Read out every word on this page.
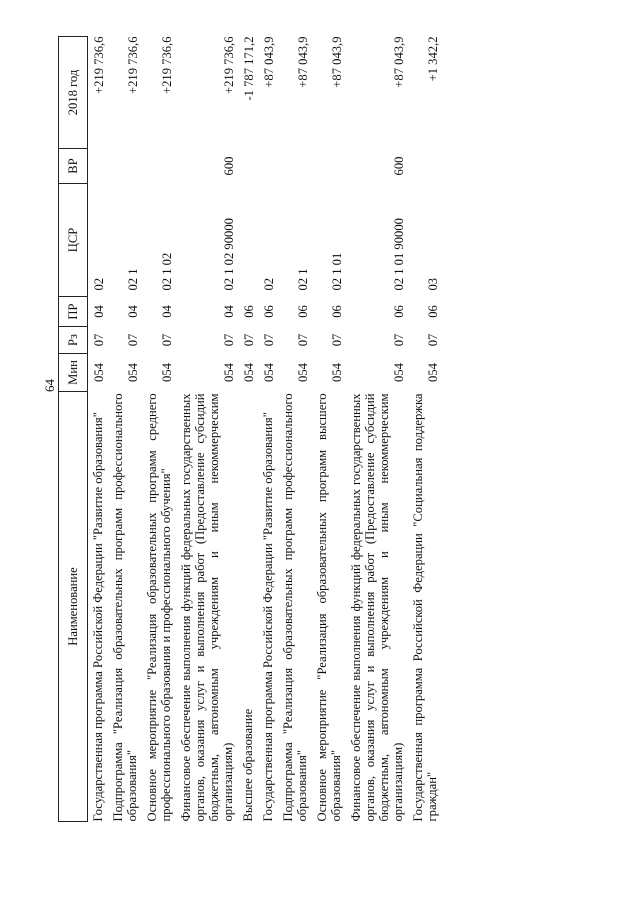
64
Наименование	Мин	Рз	ПР	ЦСР	ВР	2018 год
Государственная программа Российской Федерации "Развитие образования"	054	07	04	02		+219 736,6
Подпрограмма "Реализация образовательных программ профессионального образования"	054	07	04	02 1		+219 736,6
Основное мероприятие "Реализация образовательных программ среднего профессионального образования и профессионального обучения"	054	07	04	02 1 02		+219 736,6
Финансовое обеспечение выполнения функций федеральных государственных органов, оказания услуг и выполнения работ (Предоставление субсидий бюджетным, автономным учреждениям и иным некоммерческим организациям)	054	07	04	02 1 02 90000	600	+219 736,6
Высшее образование	054	07	06			-1 787 171,2
Государственная программа Российской Федерации "Развитие образования"	054	07	06	02		+87 043,9
Подпрограмма "Реализация образовательных программ профессионального образования"	054	07	06	02 1		+87 043,9
Основное мероприятие "Реализация образовательных программ высшего образования"	054	07	06	02 1 01		+87 043,9
Финансовое обеспечение выполнения функций федеральных государственных органов, оказания услуг и выполнения работ (Предоставление субсидий бюджетным, автономным учреждениям и иным некоммерческим организациям)	054	07	06	02 1 01 90000	600	+87 043,9
Государственная программа Российской Федерации "Социальная поддержка граждан"	054	07	06	03		+1 342,2
